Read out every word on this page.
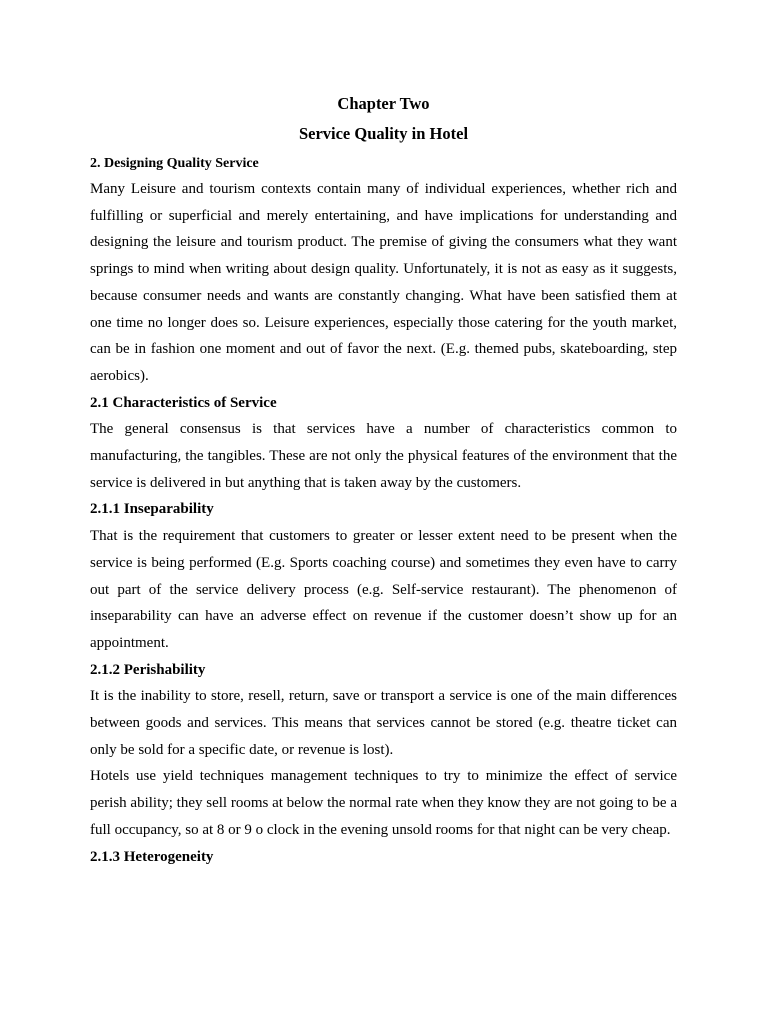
Chapter Two
Service Quality in Hotel
2. Designing Quality Service

Many Leisure and tourism contexts contain many of individual experiences, whether rich and fulfilling or superficial and merely entertaining, and have implications for understanding and designing the leisure and tourism product. The premise of giving the consumers what they want springs to mind when writing about design quality. Unfortunately, it is not as easy as it suggests, because consumer needs and wants are constantly changing. What have been satisfied them at one time no longer does so. Leisure experiences, especially those catering for the youth market, can be in fashion one moment and out of favor the next. (E.g. themed pubs, skateboarding, step aerobics).

2.1 Characteristics of Service

The general consensus is that services have a number of characteristics common to manufacturing, the tangibles. These are not only the physical features of the environment that the service is delivered in but anything that is taken away by the customers.

2.1.1 Inseparability

That is the requirement that customers to greater or lesser extent need to be present when the service is being performed (E.g. Sports coaching course) and sometimes they even have to carry out part of the service delivery process (e.g. Self-service restaurant). The phenomenon of inseparability can have an adverse effect on revenue if the customer doesn’t show up for an appointment.

2.1.2 Perishability

It is the inability to store, resell, return, save or transport a service is one of the main differences between goods and services. This means that services cannot be stored (e.g. theatre ticket can only be sold for a specific date, or revenue is lost).

Hotels use yield techniques management techniques to try to minimize the effect of service perish ability; they sell rooms at below the normal rate when they know they are not going to be a full occupancy, so at 8 or 9 o clock in the evening unsold rooms for that night can be very cheap.

2.1.3 Heterogeneity
